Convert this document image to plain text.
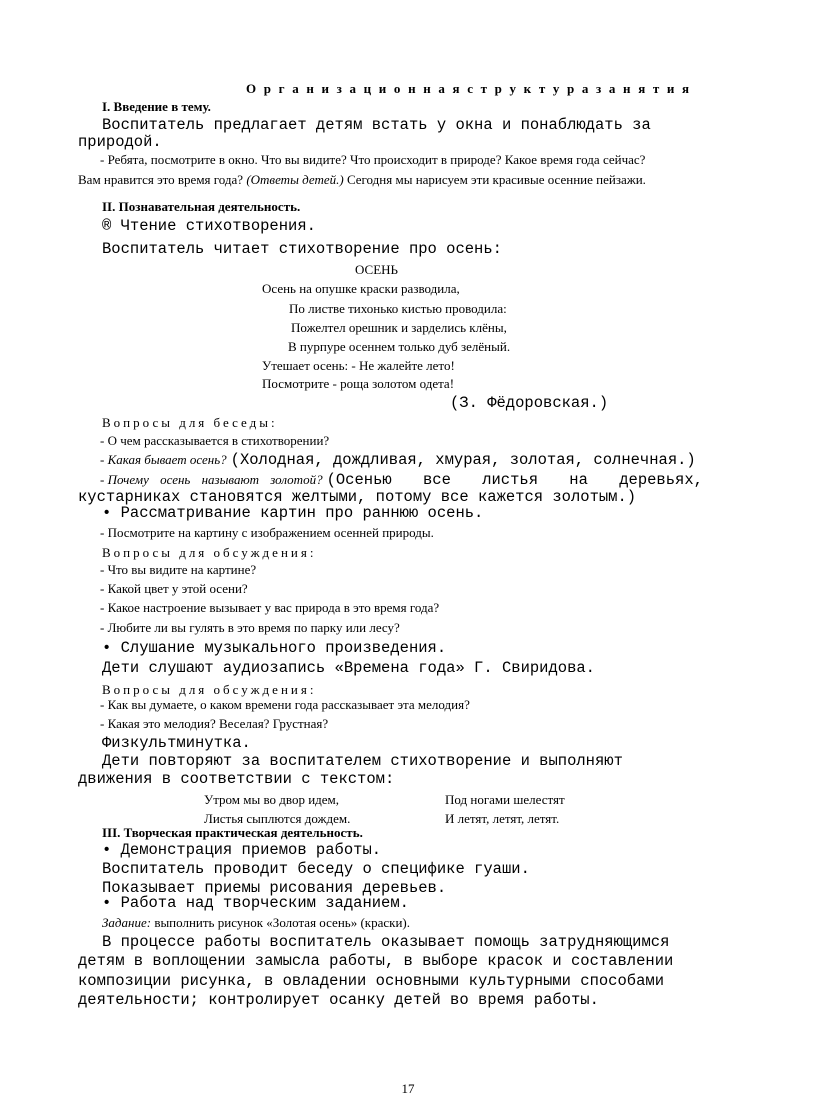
О р г а н и з а ц и о н н а я с т р у к т у р а з а н я т и я
I. Введение в тему.
Воспитатель предлагает детям встать у окна и понаблюдать за
природой.
- Ребята, посмотрите в окно. Что вы видите? Что происходит в природе? Какое время года сейчас?
Вам нравится это время года? (Ответы детей.) Сегодня мы нарисуем эти красивые осенние пейзажи.
II. Познавательная деятельность.
® Чтение стихотворения.
Воспитатель читает стихотворение про осень:
ОСЕНЬ
Осень на опушке краски разводила,
По листве тихонько кистью проводила:
Пожелтел орешник и зарделись клёны,
В пурпуре осеннем только дуб зелёный.
Утешает осень: - Не жалейте лето!
Посмотрите - роща золотом одета!
(З. Фёдоровская.)
Вопросы для беседы:
- О чем рассказывается в стихотворении?
- Какая бывает осень? (Холодная, дождливая, хмурая, золотая, солнечная.)
- Почему осень называют золотой? (Осенью все листья на деревьях,
кустарниках становятся желтыми, потому все кажется золотым.)
• Рассматривание картин про раннюю осень.
- Посмотрите на картину с изображением осенней природы.
Вопросы для обсуждения:
- Что вы видите на картине?
- Какой цвет у этой осени?
- Какое настроение вызывает у вас природа в это время года?
- Любите ли вы гулять в это время по парку или лесу?
• Слушание музыкального произведения.
Дети слушают аудиозапись «Времена года» Г. Свиридова.
Вопросы для обсуждения:
- Как вы думаете, о каком времени года рассказывает эта мелодия?
- Какая это мелодия? Веселая? Грустная?
Физкультминутка.
Дети повторяют за воспитателем стихотворение и выполняют
движения в соответствии с текстом:
Утром мы во двор идем,	Под ногами шелестят
Листья сыплются дождем.	И летят, летят, летят.
III. Творческая практическая деятельность.
• Демонстрация приемов работы.
Воспитатель проводит беседу о специфике гуаши.
Показывает приемы рисования деревьев.
• Работа над творческим заданием.
Задание: выполнить рисунок «Золотая осень» (краски).
В процессе работы воспитатель оказывает помощь затрудняющимся
детям в воплощении замысла работы, в выборе красок и составлении
композиции рисунка, в овладении основными культурными способами
деятельности; контролирует осанку детей во время работы.
17
